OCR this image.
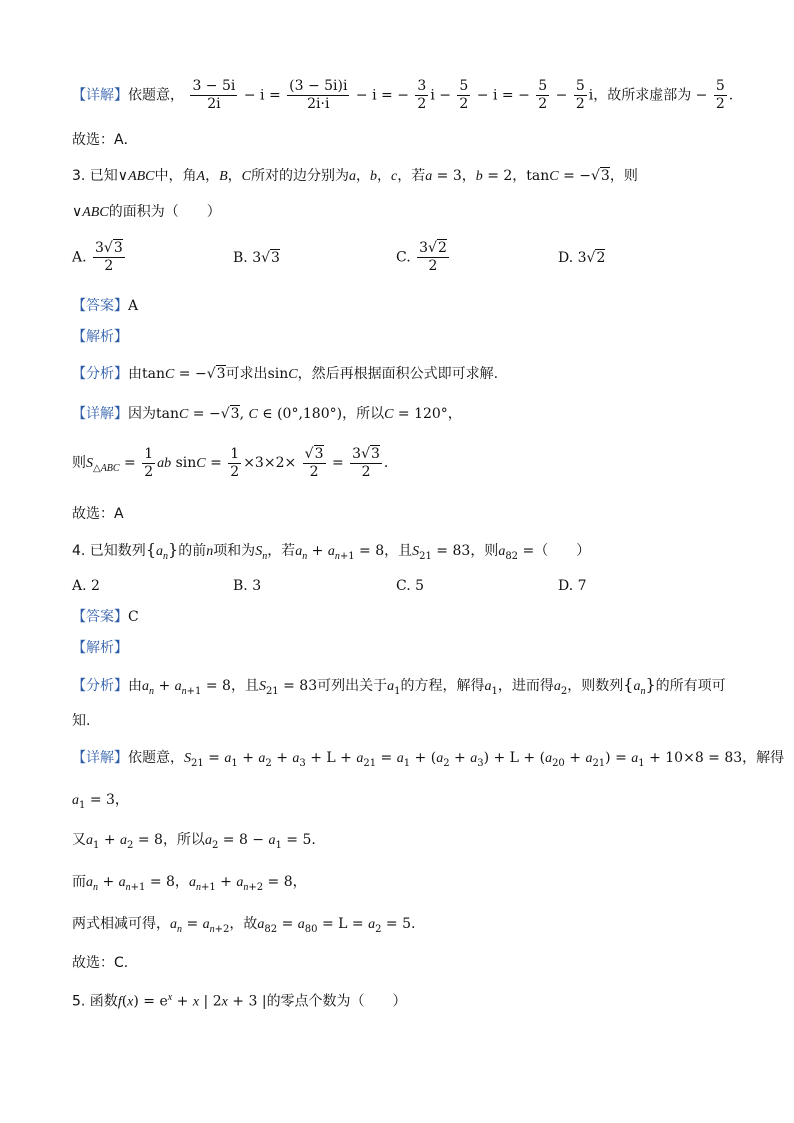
【详解】依题意， $\frac{3 - 5i}{2i} - i = \frac{(3 - 5i)i}{2i\cdot i} - i$ = − $\frac{3}{2}$ $i - \frac{5}{2} - i$ = − $\frac{5}{2} - \frac{5}{2}$ i，故所求虚部为 − $\frac{5}{2}$ .
故选：A．
3. 已知∨ABC中，角A，B，C所对的边分别为a，b，c，若a = 3，b = 2，tanC = −√3，则
∨ABC的面积为（　　）
A. $\frac{3√3}{2}$	B. 3√3	C. $\frac{3√2}{2}$	D. 3√2
【答案】A
【解析】
【分析】由tanC = −√3可求出sinC，然后再根据面积公式即可求解.
【详解】因为tanC = −√3, C ∈ (0°,180°)，所以C = 120°，
则$S_{\triangle ABC} = \frac{1}{2}$ ab $\sin C = \frac{1}{2} \times 3\times 2\times \frac{√3}{2} = \frac{3√3}{2}$ .
故选：A
4. 已知数列$\{a_n\}$的前n项和为$S_n$，若$a_n + a_{n+1} = 8$，且$S_{21} = 83$，则$a_{82}$ =（　　）
A. 2	B. 3	C. 5	D. 7
【答案】C
【解析】
【分析】由$a_n + a_{n+1} = 8$，且$S_{21} = 83$可列出关于$a_1$的方程，解得$a_1$，进而得$a_2$，则数列$\{a_n\}$的所有项可
知.
【详解】依题意，$S_{21} = a_1 + a_2 + a_3 + L + a_{21} = a_1 + (a_2 + a_3) + L + (a_{20} + a_{21}) = a_1 + 10\times 8 = 83$，解得
$a_1 = 3$，
又$a_1 + a_2 = 8$，所以$a_2 = 8 - a_1 = 5$.
而$a_n + a_{n+1} = 8$，$a_{n+1} + a_{n+2} = 8$，
两式相减可得，$a_n = a_{n+2}$，故$a_{82} = a_{80} = L = a_2 = 5$.
故选：C.
5. 函数$f(x) = e^x + x$ | 2x + 3 |的零点个数为（　　）
